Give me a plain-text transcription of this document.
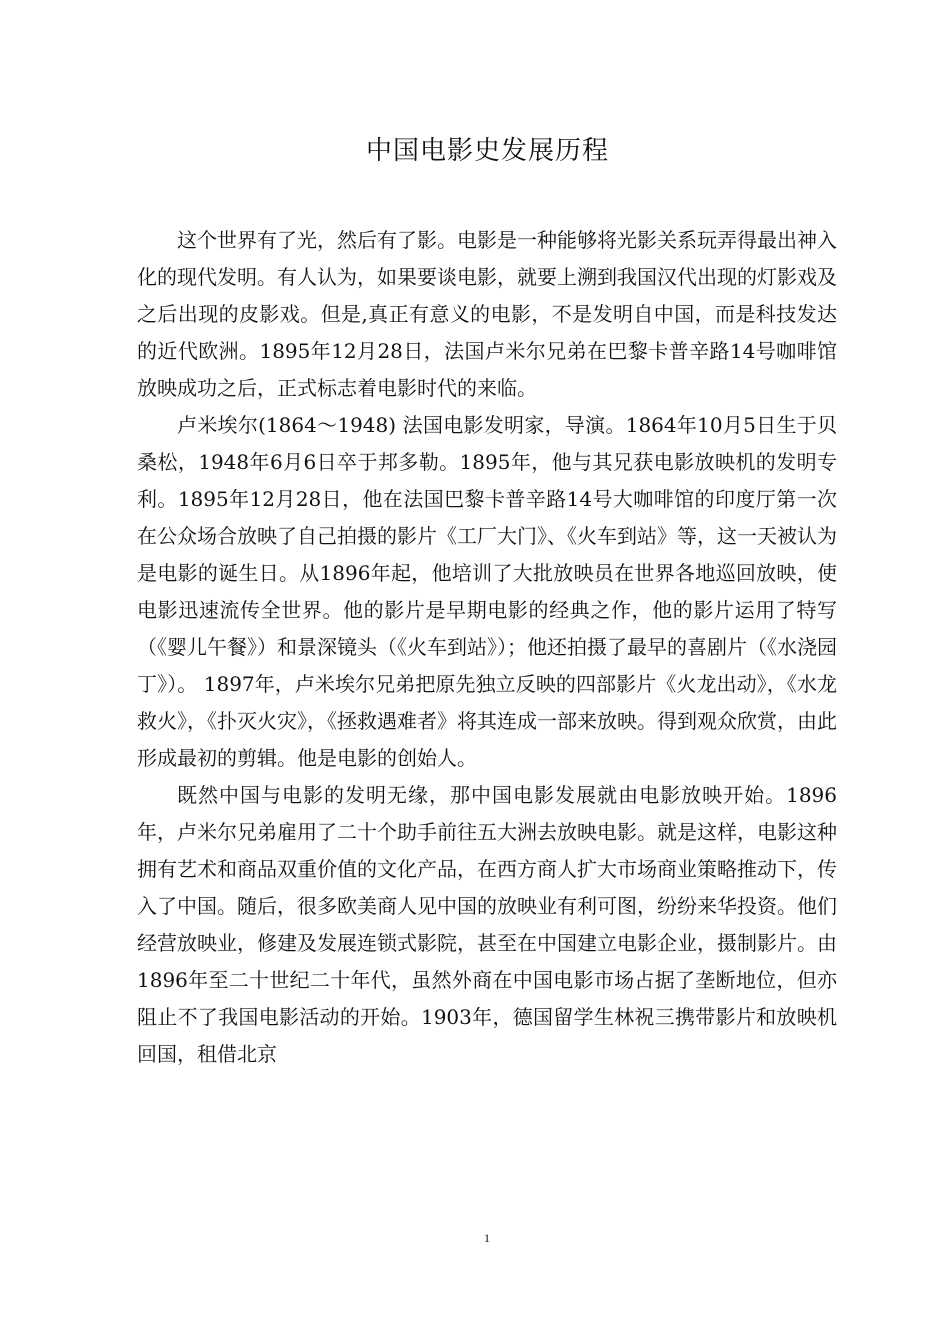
中国电影史发展历程

这个世界有了光，然后有了影。电影是一种能够将光影关系玩弄得最出神入化的现代发明。有人认为，如果要谈电影，就要上溯到我国汉代出现的灯影戏及之后出现的皮影戏。但是,真正有意义的电影，不是发明自中国，而是科技发达的近代欧洲。1895年12月28日，法国卢米尔兄弟在巴黎卡普辛路14号咖啡馆放映成功之后，正式标志着电影时代的来临。

卢米埃尔(1864～1948) 法国电影发明家，导演。1864年10月5日生于贝桑松，1948年6月6日卒于邦多勒。1895年，他与其兄获电影放映机的发明专利。1895年12月28日，他在法国巴黎卡普辛路14号大咖啡馆的印度厅第一次在公众场合放映了自己拍摄的影片《工厂大门》、《火车到站》等，这一天被认为是电影的诞生日。从1896年起，他培训了大批放映员在世界各地巡回放映，使电影迅速流传全世界。他的影片是早期电影的经典之作，他的影片运用了特写（《婴儿午餐》）和景深镜头（《火车到站》）；他还拍摄了最早的喜剧片（《水浇园丁》）。 1897年，卢米埃尔兄弟把原先独立反映的四部影片《火龙出动》，《水龙救火》，《扑灭火灾》，《拯救遇难者》将其连成一部来放映。得到观众欣赏，由此形成最初的剪辑。他是电影的创始人。

既然中国与电影的发明无缘，那中国电影发展就由电影放映开始。1896年，卢米尔兄弟雇用了二十个助手前往五大洲去放映电影。就是这样，电影这种拥有艺术和商品双重价值的文化产品，在西方商人扩大市场商业策略推动下，传入了中国。随后，很多欧美商人见中国的放映业有利可图，纷纷来华投资。他们经营放映业，修建及发展连锁式影院，甚至在中国建立电影企业，摄制影片。由1896年至二十世纪二十年代，虽然外商在中国电影市场占据了垄断地位，但亦阻止不了我国电影活动的开始。1903年，德国留学生林祝三携带影片和放映机回国，租借北京

1
